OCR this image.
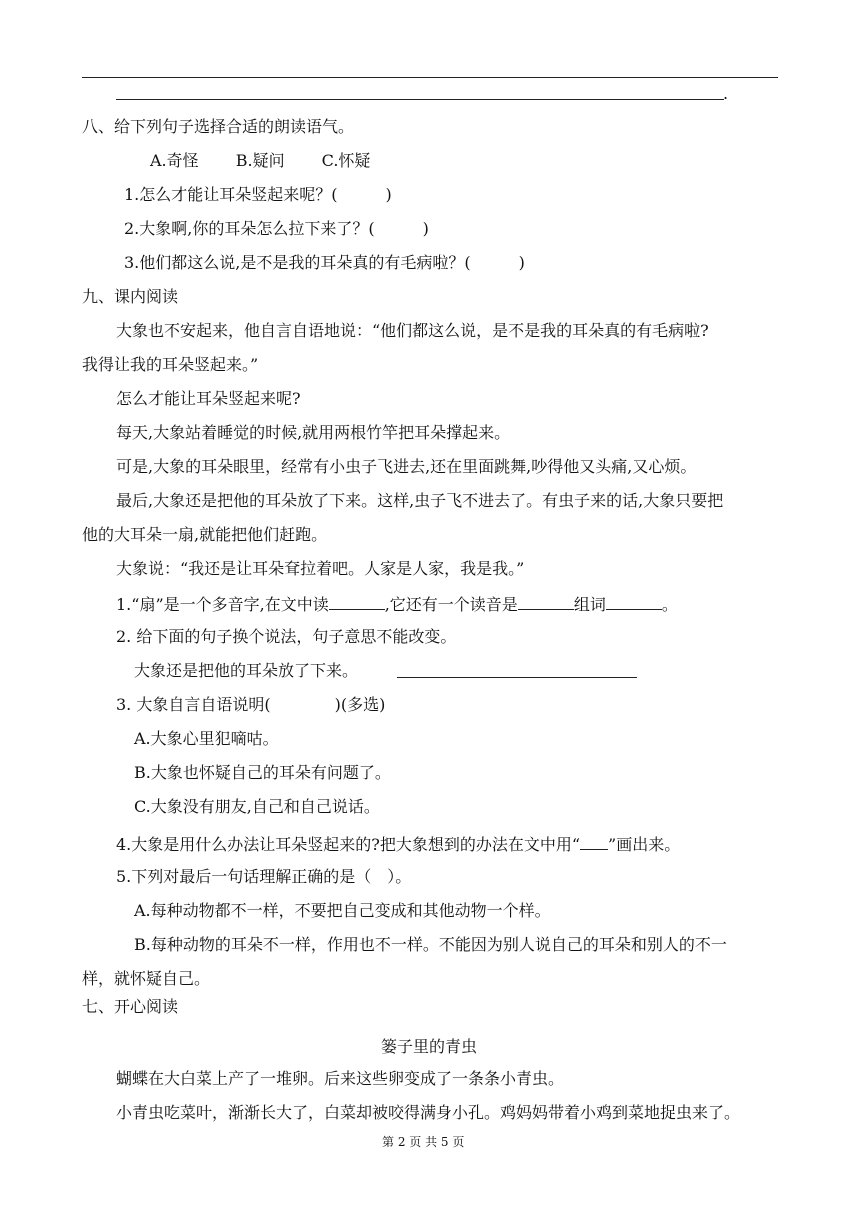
.
八、给下列句子选择合适的朗读语气。
A.奇怪　　 B.疑问　　 C.怀疑
1.怎么才能让耳朵竖起来呢？(　　　)
2.大象啊,你的耳朵怎么拉下来了？(　　　)
3.他们都这么说,是不是我的耳朵真的有毛病啦？(　　　)
九、课内阅读
大象也不安起来，他自言自语地说：“他们都这么说，是不是我的耳朵真的有毛病啦?
我得让我的耳朵竖起来。”
怎么才能让耳朵竖起来呢?
每天,大象站着睡觉的时候,就用两根竹竿把耳朵撑起来。
可是,大象的耳朵眼里，经常有小虫子飞进去,还在里面跳舞,吵得他又头痛,又心烦。
最后,大象还是把他的耳朵放了下来。这样,虫子飞不进去了。有虫子来的话,大象只要把
他的大耳朵一扇,就能把他们赶跑。
大象说：“我还是让耳朵耷拉着吧。人家是人家，我是我。”
1.“扇”是一个多音字,在文中读	,它还有一个读音是	组词	。
2. 给下面的句子换个说法，句子意思不能改变。
大象还是把他的耳朵放了下来。
3. 大象自言自语说明(　　　　)(多选)
A.大象心里犯嘀咕。
B.大象也怀疑自己的耳朵有问题了。
C.大象没有朋友,自己和自己说话。
4.大象是用什么办法让耳朵竖起来的?把大象想到的办法在文中用“ ”画出来。
5.下列对最后一句话理解正确的是（　）。
A.每种动物都不一样，不要把自己变成和其他动物一个样。
B.每种动物的耳朵不一样，作用也不一样。不能因为别人说自己的耳朵和别人的不一
样，就怀疑自己。
七、开心阅读
篓子里的青虫
蝴蝶在大白菜上产了一堆卵。后来这些卵变成了一条条小青虫。
小青虫吃菜叶，渐渐长大了，白菜却被咬得满身小孔。鸡妈妈带着小鸡到菜地捉虫来了。
第 2 页 共 5 页
